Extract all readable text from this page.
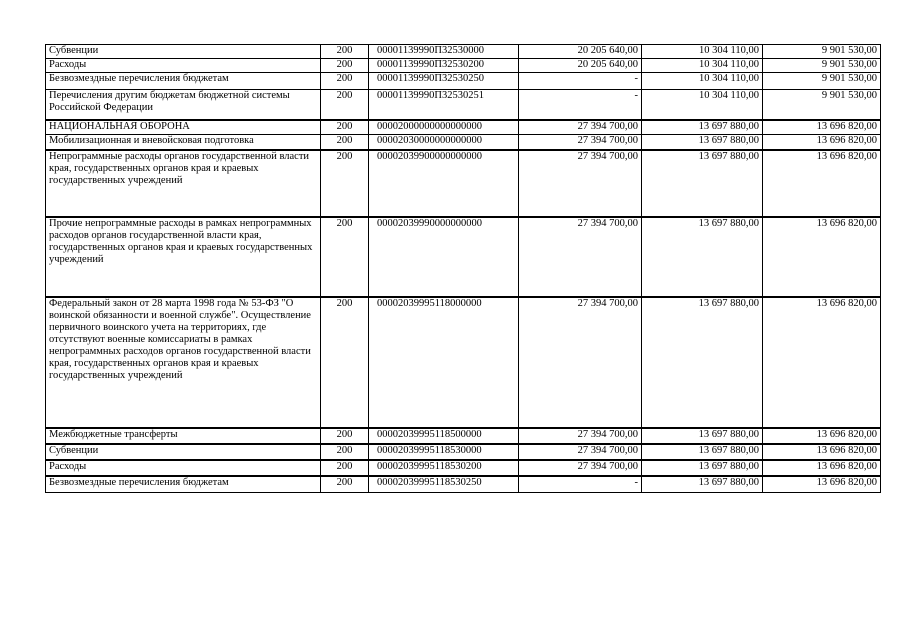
Субвенции	200	00001139990П32530000	20 205 640,00	10 304 110,00	9 901 530,00
Расходы	200	00001139990П32530200	20 205 640,00	10 304 110,00	9 901 530,00
Безвозмездные перечисления бюджетам	200	00001139990П32530250	-	10 304 110,00	9 901 530,00
Перечисления другим бюджетам бюджетной системы Российской Федерации	200	00001139990П32530251	-	10 304 110,00	9 901 530,00
НАЦИОНАЛЬНАЯ ОБОРОНА	200	00002000000000000000	27 394 700,00	13 697 880,00	13 696 820,00
Мобилизационная и вневойсковая подготовка	200	00002030000000000000	27 394 700,00	13 697 880,00	13 696 820,00
Непрограммные расходы органов государственной власти края, государственных органов края и краевых государственных учреждений	200	00002039900000000000	27 394 700,00	13 697 880,00	13 696 820,00
Прочие непрограммные расходы в рамках непрограммных расходов органов государственной власти края, государственных органов края и краевых государственных учреждений	200	00002039990000000000	27 394 700,00	13 697 880,00	13 696 820,00
Федеральный закон от 28 марта 1998 года № 53-ФЗ "О воинской обязанности и военной службе". Осуществление первичного воинского учета на территориях, где отсутствуют военные комиссариаты в рамках непрограммных расходов органов государственной власти края, государственных органов края и краевых государственных учреждений	200	00002039995118000000	27 394 700,00	13 697 880,00	13 696 820,00
Межбюджетные трансферты	200	00002039995118500000	27 394 700,00	13 697 880,00	13 696 820,00
Субвенции	200	00002039995118530000	27 394 700,00	13 697 880,00	13 696 820,00
Расходы	200	00002039995118530200	27 394 700,00	13 697 880,00	13 696 820,00
Безвозмездные перечисления бюджетам	200	00002039995118530250	-	13 697 880,00	13 696 820,00
